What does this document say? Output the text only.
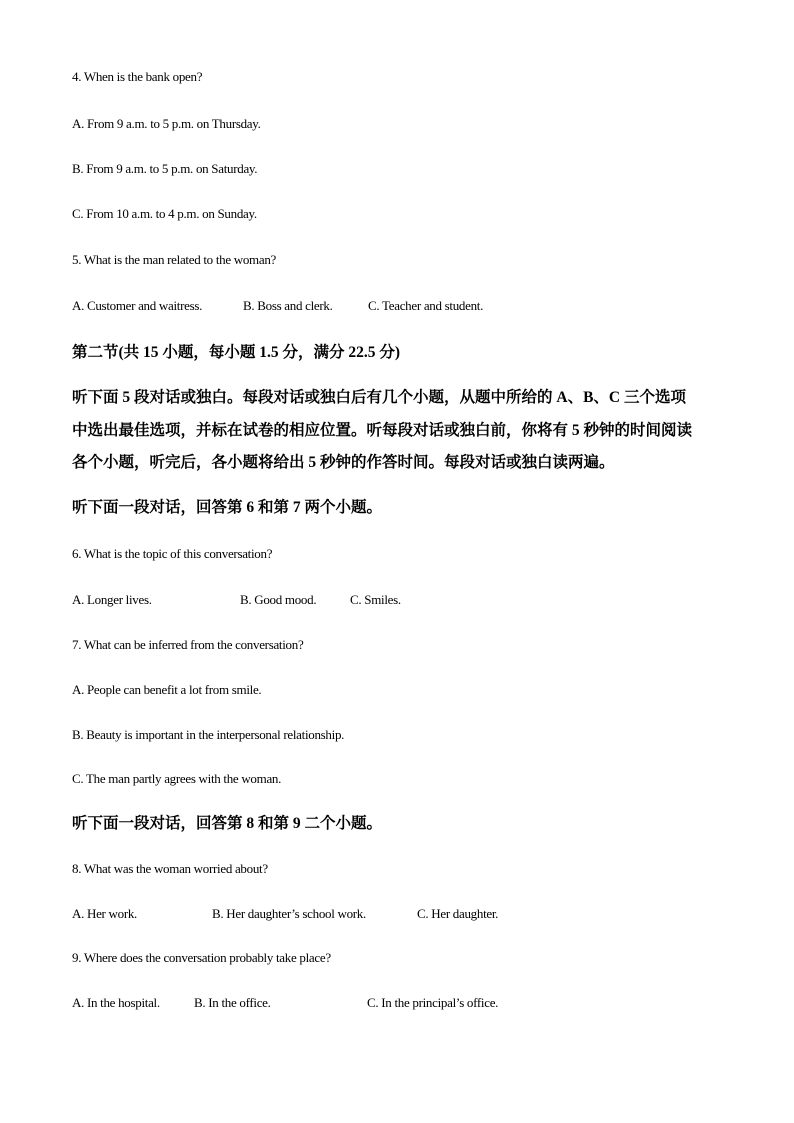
4. When is the bank open?
A. From 9 a.m. to 5 p.m. on Thursday.
B. From 9 a.m. to 5 p.m. on Saturday.
C. From 10 a.m. to 4 p.m. on Sunday.
5. What is the man related to the woman?
A. Customer and waitress.	B. Boss and clerk.	C. Teacher and student.
第二节(共 15 小题，每小题 1.5 分，满分 22.5 分)
听下面 5 段对话或独白。每段对话或独白后有几个小题，从题中所给的 A、B、C 三个选项
中选出最佳选项，并标在试卷的相应位置。听每段对话或独白前，你将有 5 秒钟的时间阅读
各个小题，听完后，各小题将给出 5 秒钟的作答时间。每段对话或独白读两遍。
听下面一段对话，回答第 6 和第 7 两个小题。
6. What is the topic of this conversation?
A. Longer lives.	B. Good mood.	C. Smiles.
7. What can be inferred from the conversation?
A. People can benefit a lot from smile.
B. Beauty is important in the interpersonal relationship.
C. The man partly agrees with the woman.
听下面一段对话，回答第 8 和第 9 二个小题。
8. What was the woman worried about?
A. Her work.	B. Her daughter’s school work.	C. Her daughter.
9. Where does the conversation probably take place?
A. In the hospital.	B. In the office.	C. In the principal’s office.
